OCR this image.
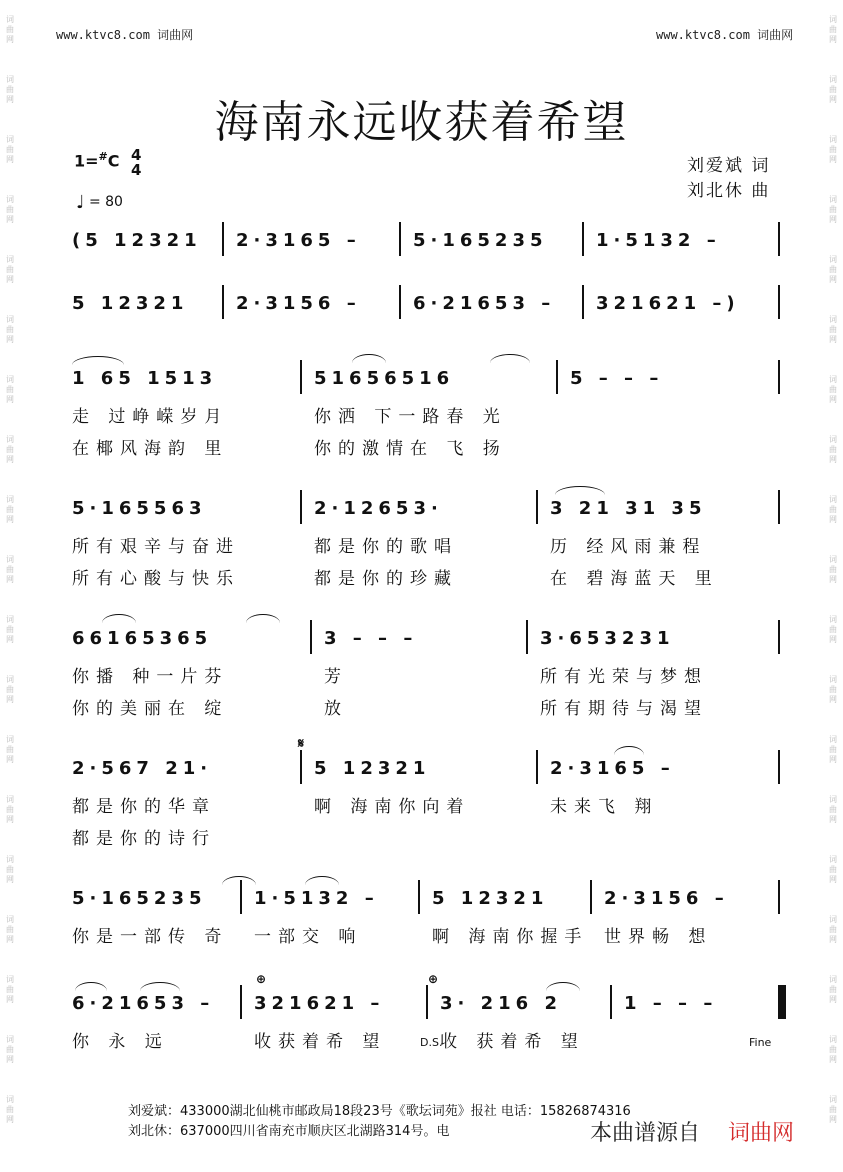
www.ktvc8.com 词曲网	www.ktvc8.com 词曲网
词
曲
网
词
曲
网
词
曲
网
词
曲
网
词
曲
网
词
曲
网
词
曲
网
词
曲
网
词
曲
网
词
曲
网
词
曲
网
词
曲
网
词
曲
网
词
曲
网
词
曲
网
词
曲
网
词
曲
网
词
曲
网
词
曲
网
词
曲
网
词
曲
网
词
曲
网
词
曲
网
词
曲
网
词
曲
网
词
曲
网
词
曲
网
词
曲
网
词
曲
网
词
曲
网
词
曲
网
词
曲
网
词
曲
网
词
曲
网
词
曲
网
词
曲
网
词
曲
网
词
曲
网
海南永远收获着希望
1=#C 4
4
♩ = 80
刘爱斌 词
刘北休 曲
(5 12321 2·3165 –	5·165235	1·5132 –
5 12321	2·3156 –	6·21653 – 321621 –)
1 65 1513	51656516	5 – – –
走 过峥嵘岁月	你洒 下一路春 光
在椰风海韵 里	你的激情在 飞 扬
5·165563	2·12653·	3 21 31 35
所有艰辛与奋进	都是你的歌唱	历 经风雨兼程
所有心酸与快乐	都是你的珍藏	在 碧海蓝天 里
66165365	3 – – –	3·653231
你播 种一片芬	芳	所有光荣与梦想
你的美丽在 绽	放	所有期待与渴望
2·567 21·	5 12321	2·3165 –
都是你的华章	啊 海南你向着	未来飞 翔
都是你的诗行
5·165235	1·5132 –	5 12321	2·3156 –
你是一部传 奇 一部交 响	啊 海南你握手 世界畅 想
6·21653 – 321621 –	3· 216 2	1 – – –
你 永 远	收获着希 望	收 获着希 望
𝄋
⊕	⊕
D.S.	Fine
刘爱斌：433000湖北仙桃市邮政局18段23号《歌坛词苑》报社 电话：15826874316
刘北休：637000四川省南充市顺庆区北湖路314号。电	本曲谱源自 词曲网
